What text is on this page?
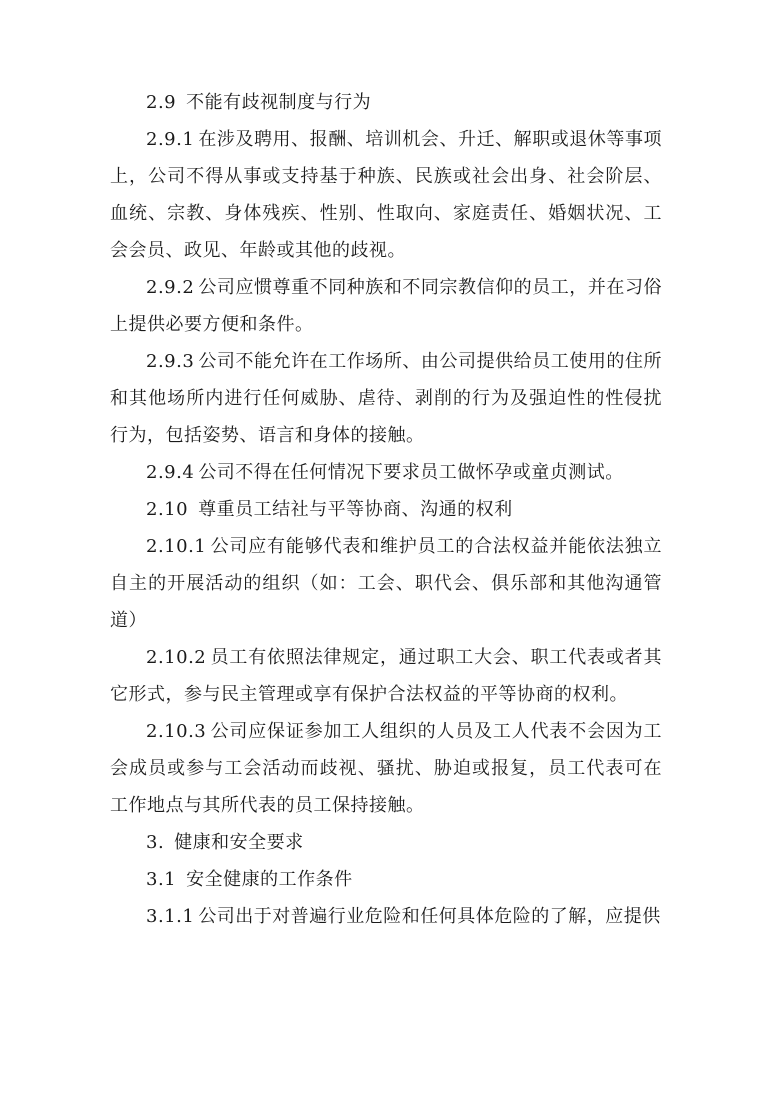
2.9 不能有歧视制度与行为

2.9.1 在涉及聘用、报酬、培训机会、升迁、解职或退休等事项上，公司不得从事或支持基于种族、民族或社会出身、社会阶层、血统、宗教、身体残疾、性别、性取向、家庭责任、婚姻状况、工会会员、政见、年龄或其他的歧视。

2.9.2 公司应惯尊重不同种族和不同宗教信仰的员工，并在习俗上提供必要方便和条件。

2.9.3 公司不能允许在工作场所、由公司提供给员工使用的住所和其他场所内进行任何威胁、虐待、剥削的行为及强迫性的性侵扰行为，包括姿势、语言和身体的接触。

2.9.4 公司不得在任何情况下要求员工做怀孕或童贞测试。

2.10 尊重员工结社与平等协商、沟通的权利

2.10.1 公司应有能够代表和维护员工的合法权益并能依法独立自主的开展活动的组织（如：工会、职代会、俱乐部和其他沟通管道）

2.10.2 员工有依照法律规定，通过职工大会、职工代表或者其它形式，参与民主管理或享有保护合法权益的平等协商的权利。

2.10.3 公司应保证参加工人组织的人员及工人代表不会因为工会成员或参与工会活动而歧视、骚扰、胁迫或报复，员工代表可在工作地点与其所代表的员工保持接触。

3. 健康和安全要求

3.1 安全健康的工作条件

3.1.1 公司出于对普遍行业危险和任何具体危险的了解，应提供
